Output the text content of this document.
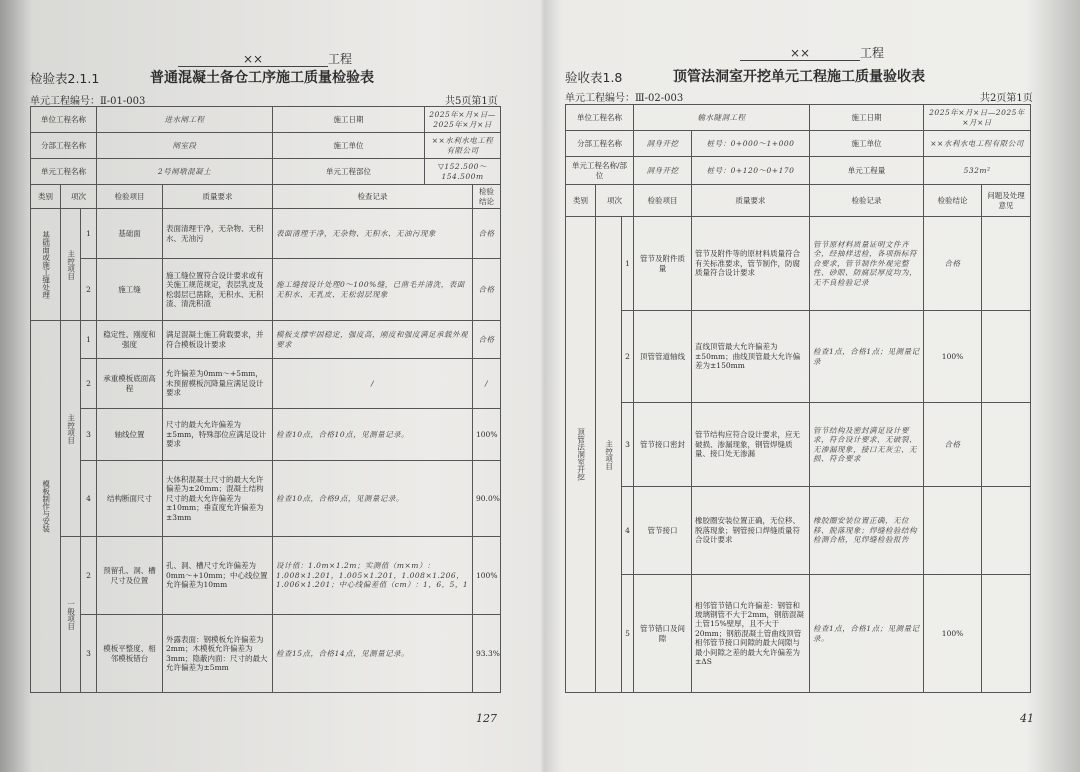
××	工程
检验表2.1.1	普通混凝土备仓工序施工质量检验表
单元工程编号：Ⅱ-01-003	共5页第1页
单位工程名称			进水闸工程		施工日期	2025年×月×日—2025年×月×日	
分部工程名称			闸室段		施工单位	××水利水电工程有限公司	
单元工程名称			2号闸墩混凝土		单元工程部位	▽152.500～154.500m	
类别	项次		检验项目	质量要求	检查记录		检验结论

基础面或施工缝处理	主控项目	1	基础面	表面清理干净，无杂物、无积水、无油污	表面清理干净，无杂物、无积水、无油污现象		合格
		2	施工缝	施工缝位置符合设计要求或有关施工规范规定，表层乳皮及松弱层已凿除，无积水、无积渣、清洗积渣	施工缝按设计处理0～100%缝，已凿毛并清洗，表面无积水、无乳皮、无松弱层现象		合格

模板制作与安装	主控项目	1	稳定性、刚度和强度	满足混凝土施工荷载要求，并符合模板设计要求	模板支撑牢固稳定，强度高，刚度和强度满足承载外观要求		合格
		2	承重模板底面高程	允许偏差为0mm～+5mm，未预留模板沉降量应满足设计要求	/		/
		3	轴线位置	尺寸的最大允许偏差为±5mm，特殊部位应满足设计要求	检查10点，合格10点，见测量记录。		100%
		4	结构断面尺寸	大体积混凝土尺寸的最大允许偏差为±20mm；混凝土结构尺寸的最大允许偏差为±10mm；垂直度允许偏差为±3mm	检查10点，合格9点，见测量记录。		90.0%

	一般项目	2	预留孔、洞、槽尺寸及位置	孔、洞、槽尺寸允许偏差为0mm～+10mm；中心线位置允许偏差为10mm	设计值：1.0m×1.2m；实测值（m×m）：1.008×1.201，1.005×1.201，1.008×1.206，1.006×1.201；中心线偏差值（cm）：1，6，5，1		100%
		3	模板平整度、相邻模板错台	外露表面：钢模板允许偏差为2mm；木模板允许偏差为3mm；隐蔽内面：尺寸的最大允许偏差为±5mm	检查15点，合格14点，见测量记录。		93.3%
127
××	工程
验收表1.8	顶管法洞室开挖单元工程施工质量验收表
单元工程编号：Ⅲ-02-003	共2页第1页
单位工程名称			输水隧洞工程		施工日期	2025年×月×日—2025年×月×日	
分部工程名称			洞身开挖	桩号：0+000～1+000	施工单位	××水利水电工程有限公司	
单元工程名称/部位			洞身开挖	桩号：0+120～0+170	单元工程量	532m²	
类别	项次		检验项目	质量要求	检验记录	检验结论	问题及处理意见

顶管法洞室开挖	主控项目	1	管节及附件质量	管节及附件等的原材料质量符合有关标准要求，管节制作，防腐质量符合设计要求	管节原材料质量证明文件齐全，经抽样送检，各项指标符合要求，管节制作外观完整性、砂眼、防腐层厚度均为，无不良检验记录	合格	
		2	顶管管道轴线	直线顶管最大允许偏差为±50mm；曲线顶管最大允许偏差为±150mm	检查1点，合格1点；见测量记录	100%	
		3	管节接口密封	管节结构应符合设计要求，应无破损、渗漏现象，钢管焊缝质量、接口处无渗漏	管节结构及密封满足设计要求，符合设计要求，无破裂、无渗漏现象，接口无灰尘、无损、符合要求	合格	
		4	管节接口	橡胶圈安装位置正确，无位移、脱落现象；钢管接口焊缝质量符合设计要求	橡胶圈安装位置正确，无位移、脱落现象；焊缝检验结构检测合格，见焊缝检验报告		
		5	管节错口及间隙	相邻管节错口允许偏差：钢管和玻璃钢管不大于2mm，钢筋混凝土管15%壁厚，且不大于20mm；钢筋混凝土管曲线顶管相邻管节接口间隙的最大间隙与最小间隙之差的最大允许偏差为±ΔS	检查1点，合格1点；见测量记录。	100%	
41
